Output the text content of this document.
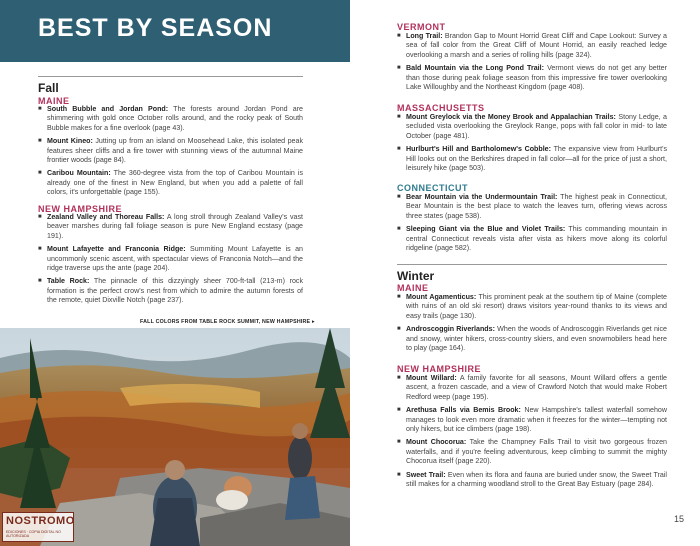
BEST BY SEASON
Fall
MAINE
■ South Bubble and Jordan Pond: The forests around Jordan Pond are shimmering with gold once October rolls around, and the rocky peak of South Bubble makes for a fine overlook (page 43).
■ Mount Kineo: Jutting up from an island on Moosehead Lake, this isolated peak features sheer cliffs and a fire tower with stunning views of the autumnal Maine frontier woods (page 84).
■ Caribou Mountain: The 360-degree vista from the top of Caribou Mountain is already one of the finest in New England, but when you add a palette of fall colors, it's unforgettable (page 155).
NEW HAMPSHIRE
■ Zealand Valley and Thoreau Falls: A long stroll through Zealand Valley's vast beaver marshes during fall foliage season is pure New England ecstasy (page 191).
■ Mount Lafayette and Franconia Ridge: Summiting Mount Lafayette is an uncommonly scenic ascent, with spectacular views of Franconia Notch—and the ridge traverse ups the ante (page 204).
■ Table Rock: The pinnacle of this dizzyingly sheer 700-ft-tall (213-m) rock formation is the perfect crow's nest from which to admire the autumn forests of the remote, quiet Dixville Notch (page 237).
FALL COLORS FROM TABLE ROCK SUMMIT, NEW HAMPSHIRE ▸
NOSTROMO
EDICIONES · COPIA DIGITAL NO AUTORIZADA
VERMONT
■ Long Trail: Brandon Gap to Mount Horrid Great Cliff and Cape Lookout: Survey a sea of fall color from the Great Cliff of Mount Horrid, an easily reached ledge overlooking a marsh and a series of rolling hills (page 324).
■ Bald Mountain via the Long Pond Trail: Vermont views do not get any better than those during peak foliage season from this impressive fire tower overlooking Lake Willoughby and the Northeast Kingdom (page 408).
MASSACHUSETTS
■ Mount Greylock via the Money Brook and Appalachian Trails: Stony Ledge, a secluded vista overlooking the Greylock Range, pops with fall color in mid- to late October (page 481).
■ Hurlburt's Hill and Bartholomew's Cobble: The expansive view from Hurlburt's Hill looks out on the Berkshires draped in fall color—all for the price of just a short, leisurely hike (page 503).
CONNECTICUT
■ Bear Mountain via the Undermountain Trail: The highest peak in Connecticut, Bear Mountain is the best place to watch the leaves turn, offering views across three states (page 538).
■ Sleeping Giant via the Blue and Violet Trails: This commanding mountain in central Connecticut reveals vista after vista as hikers move along its colorful ridgeline (page 582).
Winter
MAINE
■ Mount Agamenticus: This prominent peak at the southern tip of Maine (complete with ruins of an old ski resort) draws visitors year-round thanks to its views and easy trails (page 130).
■ Androscoggin Riverlands: When the woods of Androscoggin Riverlands get nice and snowy, winter hikers, cross-country skiers, and even snowmobilers head here to play (page 164).
NEW HAMPSHIRE
■ Mount Willard: A family favorite for all seasons, Mount Willard offers a gentle ascent, a frozen cascade, and a view of Crawford Notch that would make Robert Redford weep (page 195).
■ Arethusa Falls via Bemis Brook: New Hampshire's tallest waterfall somehow manages to look even more dramatic when it freezes for the winter—tempting not only hikers, but ice climbers (page 198).
■ Mount Chocorua: Take the Champney Falls Trail to visit two gorgeous frozen waterfalls, and if you're feeling adventurous, keep climbing to summit the mighty Chocorua itself (page 220).
■ Sweet Trail: Even when its flora and fauna are buried under snow, the Sweet Trail still makes for a charming woodland stroll to the Great Bay Estuary (page 284).
15
